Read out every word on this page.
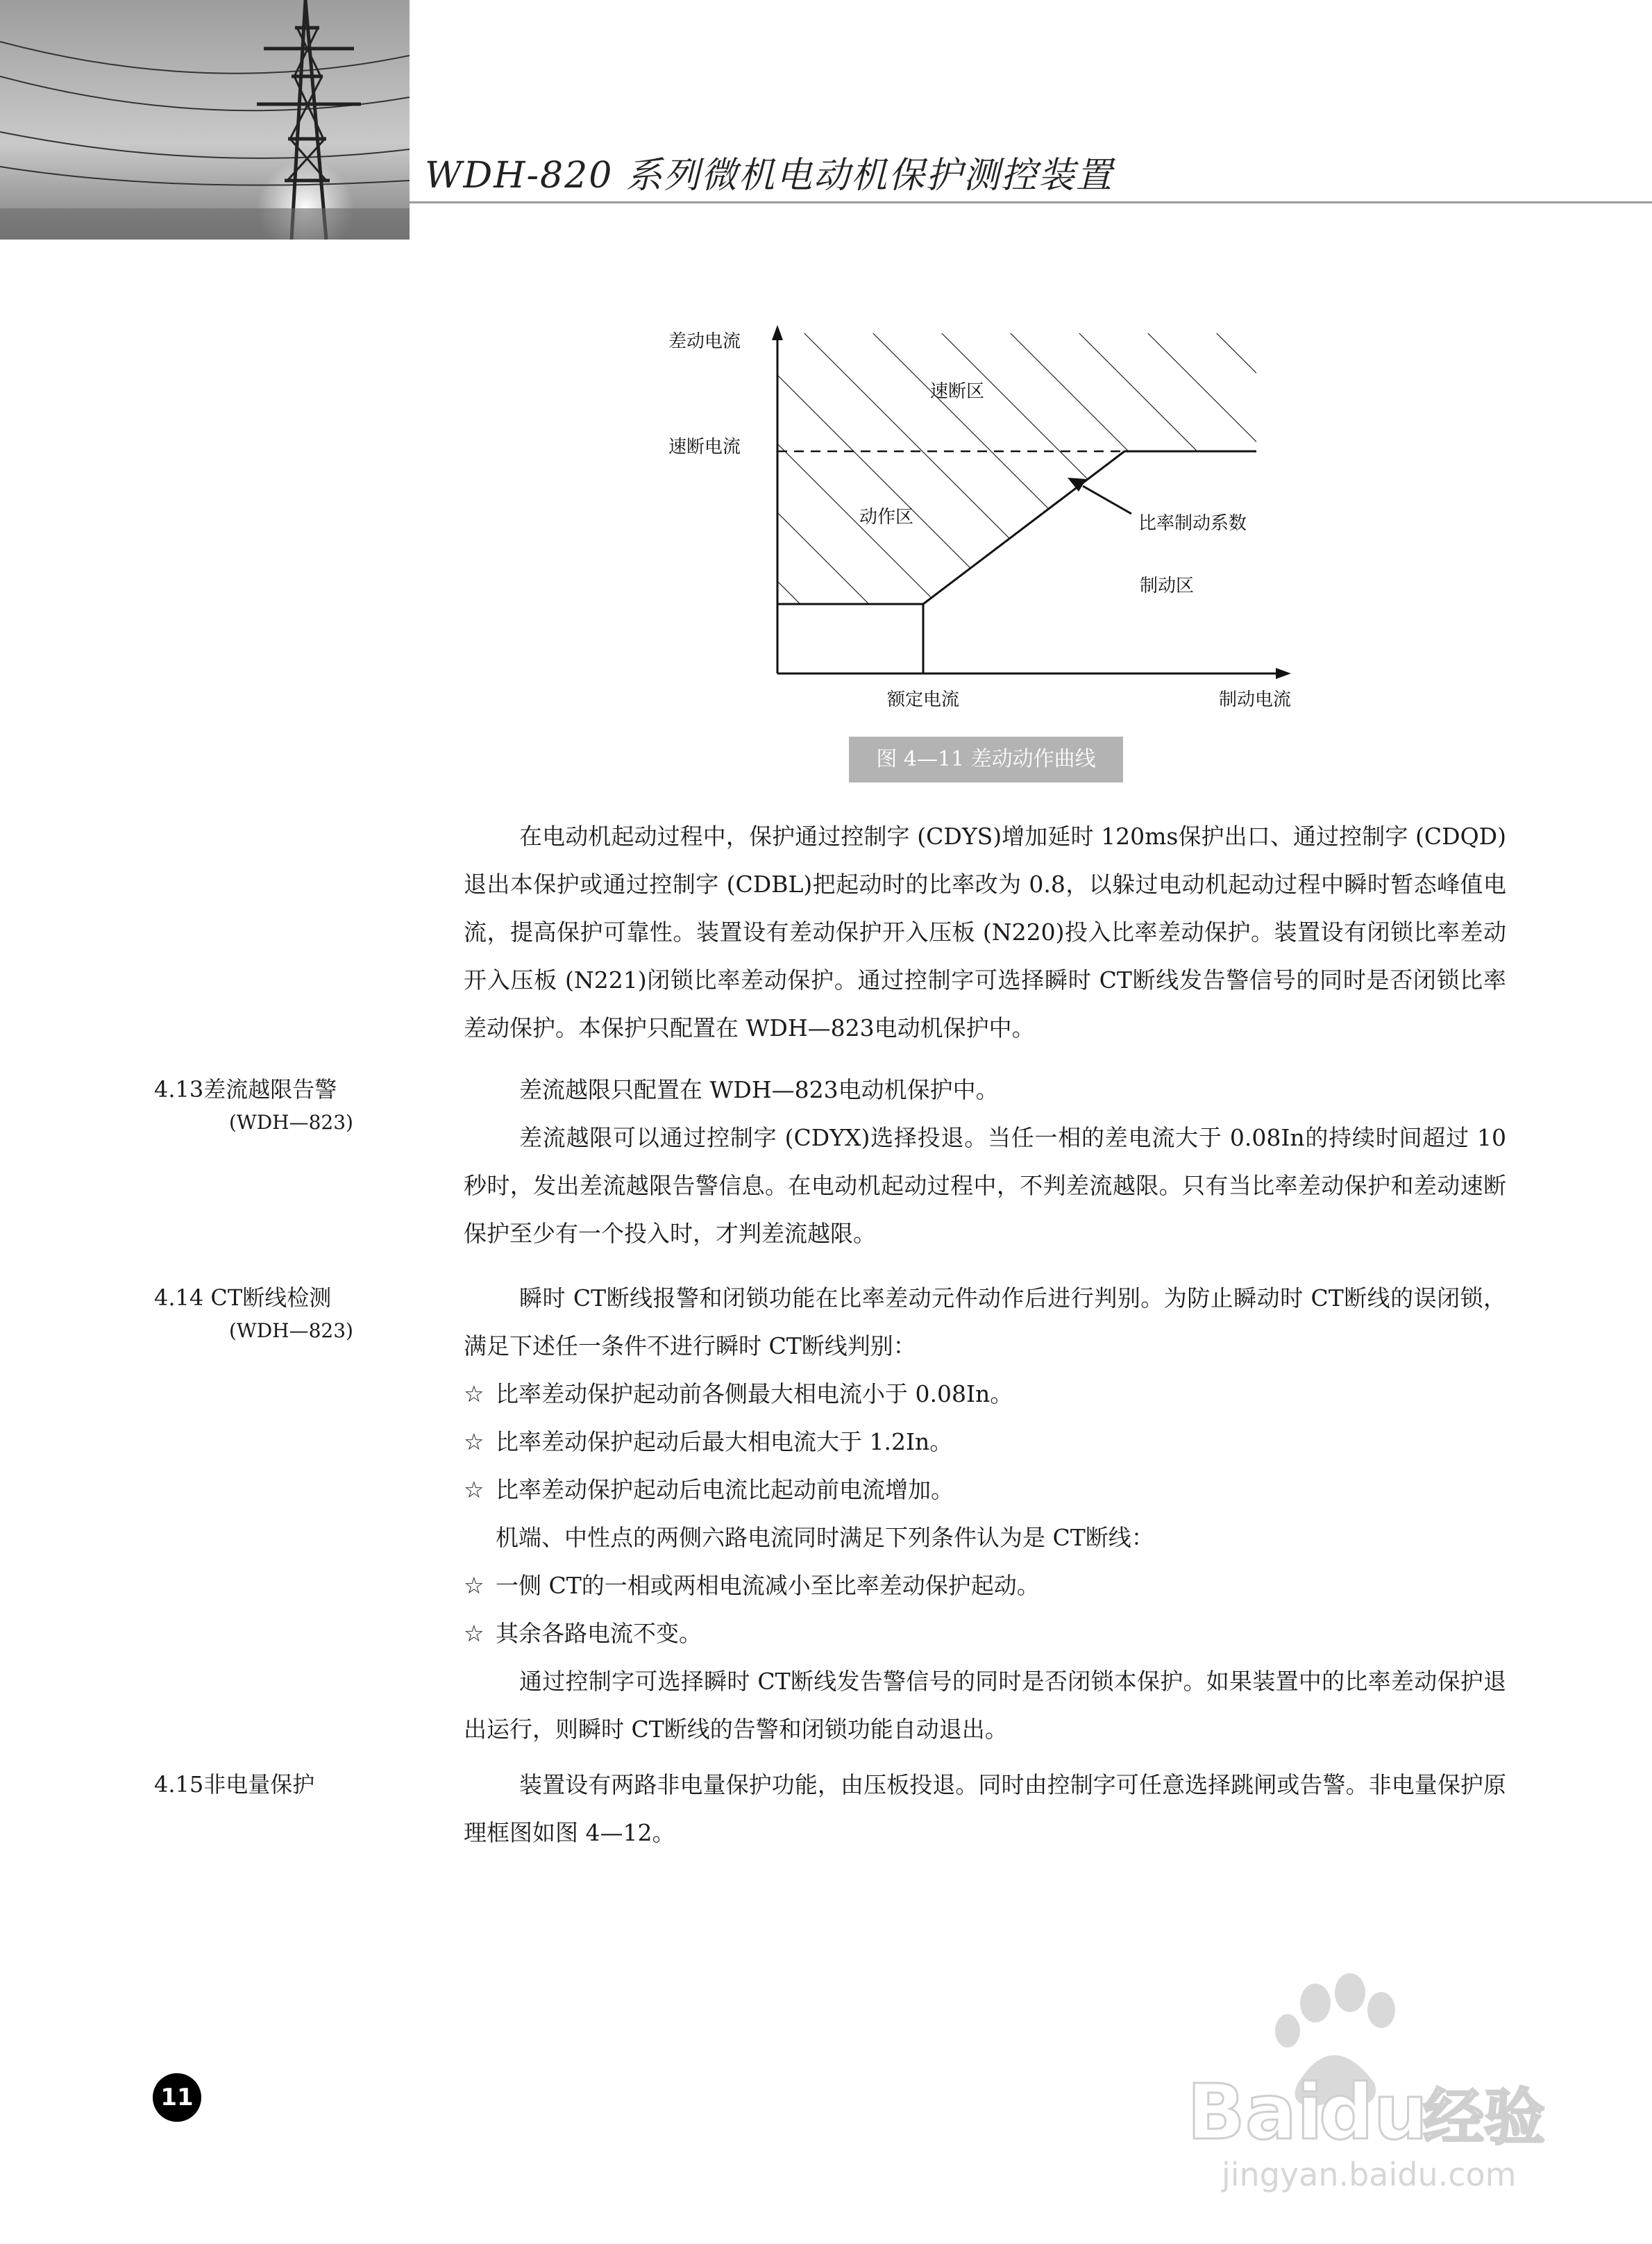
WDH-820 系列微机电动机保护测控装置
差动电流
速断电流
速断区
动作区	比率制动系数
制动区
额定电流	制动电流
图 4—11 差动动作曲线

在电动机起动过程中，保护通过控制字 (CDYS)增加延时 120ms保护出口、通过控制字 (CDQD)退出本保护或通过控制字 (CDBL)把起动时的比率改为 0.8，以躲过电动机起动过程中瞬时暂态峰值电流，提高保护可靠性。装置设有差动保护开入压板 (N220)投入比率差动保护。装置设有闭锁比率差动开入压板 (N221)闭锁比率差动保护。通过控制字可选择瞬时 CT断线发告警信号的同时是否闭锁比率差动保护。本保护只配置在 WDH—823电动机保护中。

4.13差流越限告警
(WDH—823)

差流越限只配置在 WDH—823电动机保护中。

差流越限可以通过控制字 (CDYX)选择投退。当任一相的差电流大于 0.08In的持续时间超过 10秒时，发出差流越限告警信息。在电动机起动过程中，不判差流越限。只有当比率差动保护和差动速断保护至少有一个投入时，才判差流越限。

4.14 CT断线检测
(WDH—823)

瞬时 CT断线报警和闭锁功能在比率差动元件动作后进行判别。为防止瞬动时 CT断线的误闭锁，满足下述任一条件不进行瞬时 CT断线判别：

☆ 比率差动保护起动前各侧最大相电流小于 0.08In。

☆ 比率差动保护起动后最大相电流大于 1.2In。

☆ 比率差动保护起动后电流比起动前电流增加。

机端、中性点的两侧六路电流同时满足下列条件认为是 CT断线：

☆ 一侧 CT的一相或两相电流减小至比率差动保护起动。

☆ 其余各路电流不变。

通过控制字可选择瞬时 CT断线发告警信号的同时是否闭锁本保护。如果装置中的比率差动保护退出运行，则瞬时 CT断线的告警和闭锁功能自动退出。

4.15非电量保护	装置设有两路非电量保护功能，由压板投退。同时由控制字可任意选择跳闸或告警。非电量保护原理框图如图 4—12。

11	Bai
du
经验
jingyan.baidu.com
